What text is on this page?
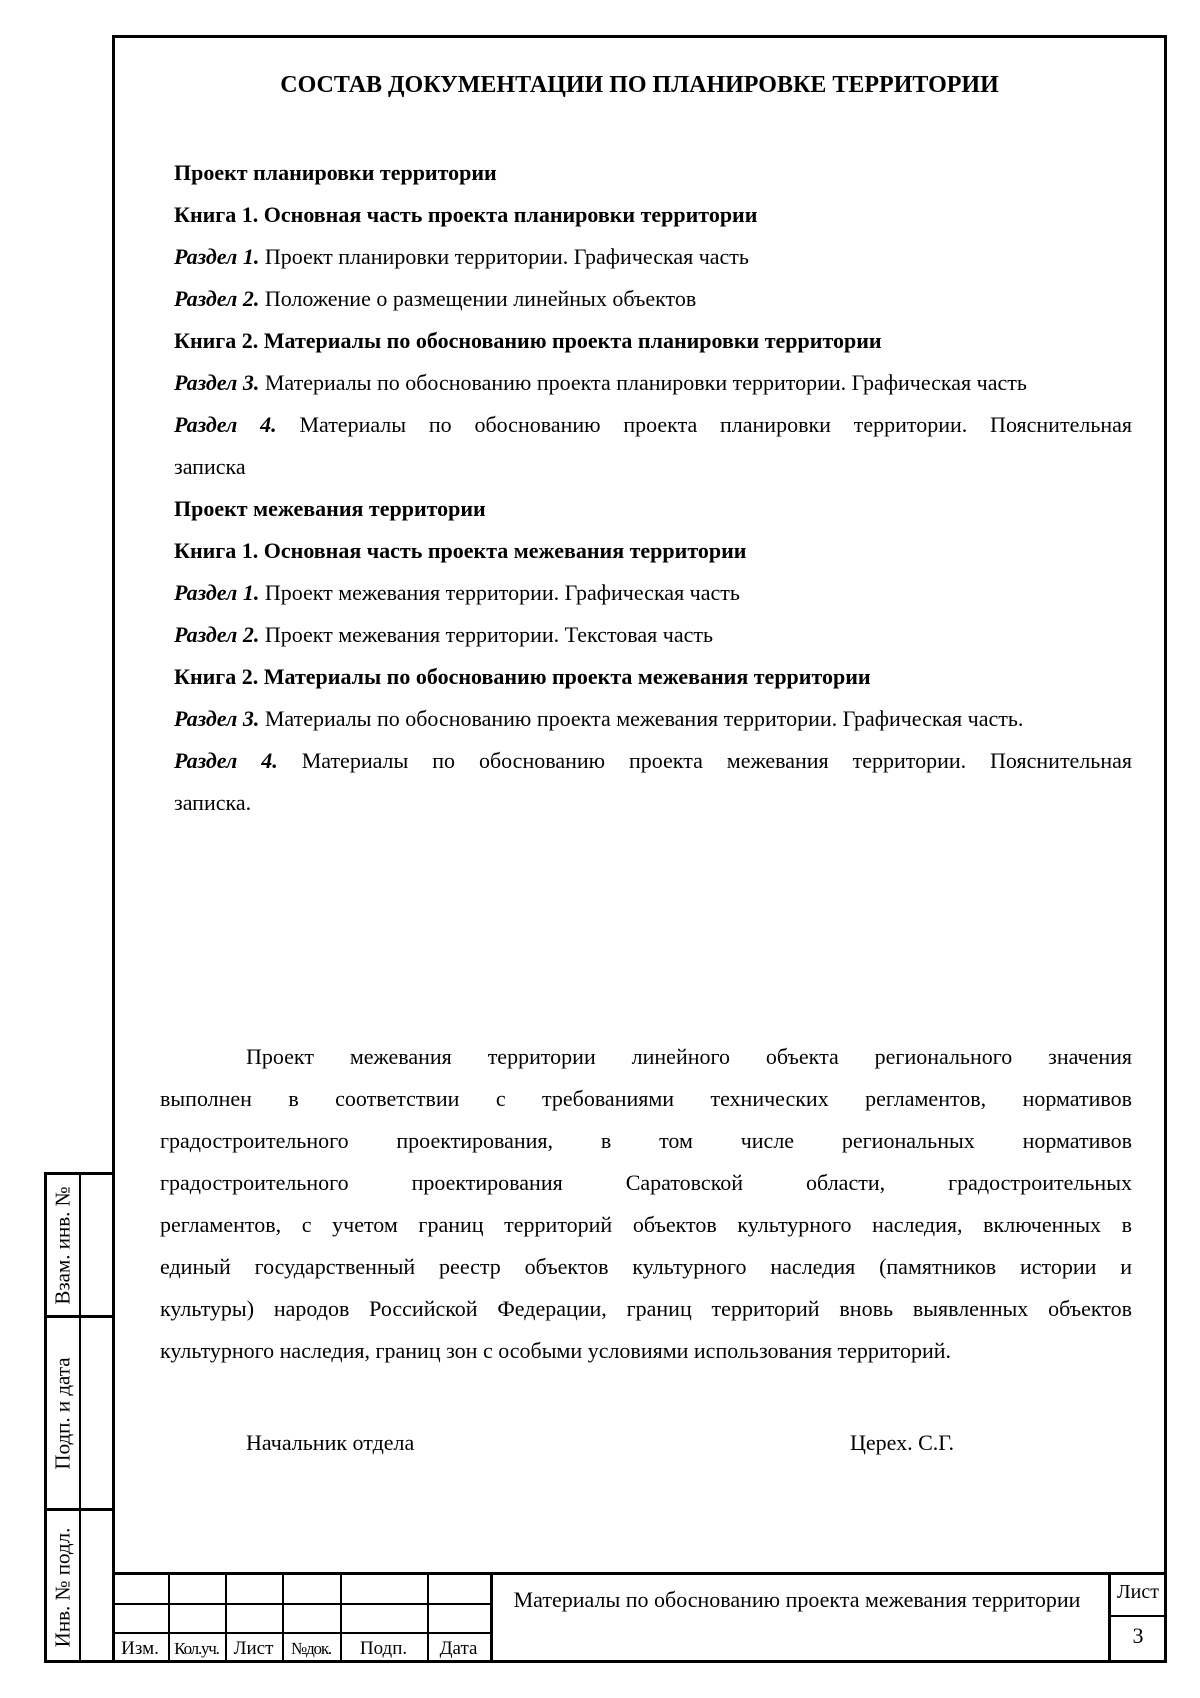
Взам. инв. №
Подп. и дата
Инв. № подл.
СОСТАВ ДОКУМЕНТАЦИИ ПО ПЛАНИРОВКЕ ТЕРРИТОРИИ
Проект планировки территории
Книга 1. Основная часть проекта планировки территории
Раздел 1. Проект планировки территории. Графическая часть
Раздел 2. Положение о размещении линейных объектов
Книга 2. Материалы по обоснованию проекта планировки территории
Раздел 3. Материалы по обоснованию проекта планировки территории. Графическая часть
Раздел 4. Материалы по обоснованию проекта планировки территории. Пояснительная
записка
Проект межевания территории
Книга 1. Основная часть проекта межевания территории
Раздел 1. Проект межевания территории. Графическая часть
Раздел 2. Проект межевания территории. Текстовая часть
Книга 2. Материалы по обоснованию проекта межевания территории
Раздел 3. Материалы по обоснованию проекта межевания территории. Графическая часть.
Раздел 4. Материалы по обоснованию проекта межевания территории. Пояснительная
записка.
Проект межевания территории линейного объекта регионального значения
выполнен в соответствии с требованиями технических регламентов, нормативов
градостроительного проектирования, в том числе региональных нормативов
градостроительного проектирования Саратовской области, градостроительных
регламентов, с учетом границ территорий объектов культурного наследия, включенных в
единый государственный реестр объектов культурного наследия (памятников истории и
культуры) народов Российской Федерации, границ территорий вновь выявленных объектов
культурного наследия, границ зон с особыми условиями использования территорий.
Начальник отдела	Церех. С.Г.
Изм. Кол.уч. Лист	№док.	Подп.	Дата
Материалы по обоснованию проекта межевания территории Лист
3
